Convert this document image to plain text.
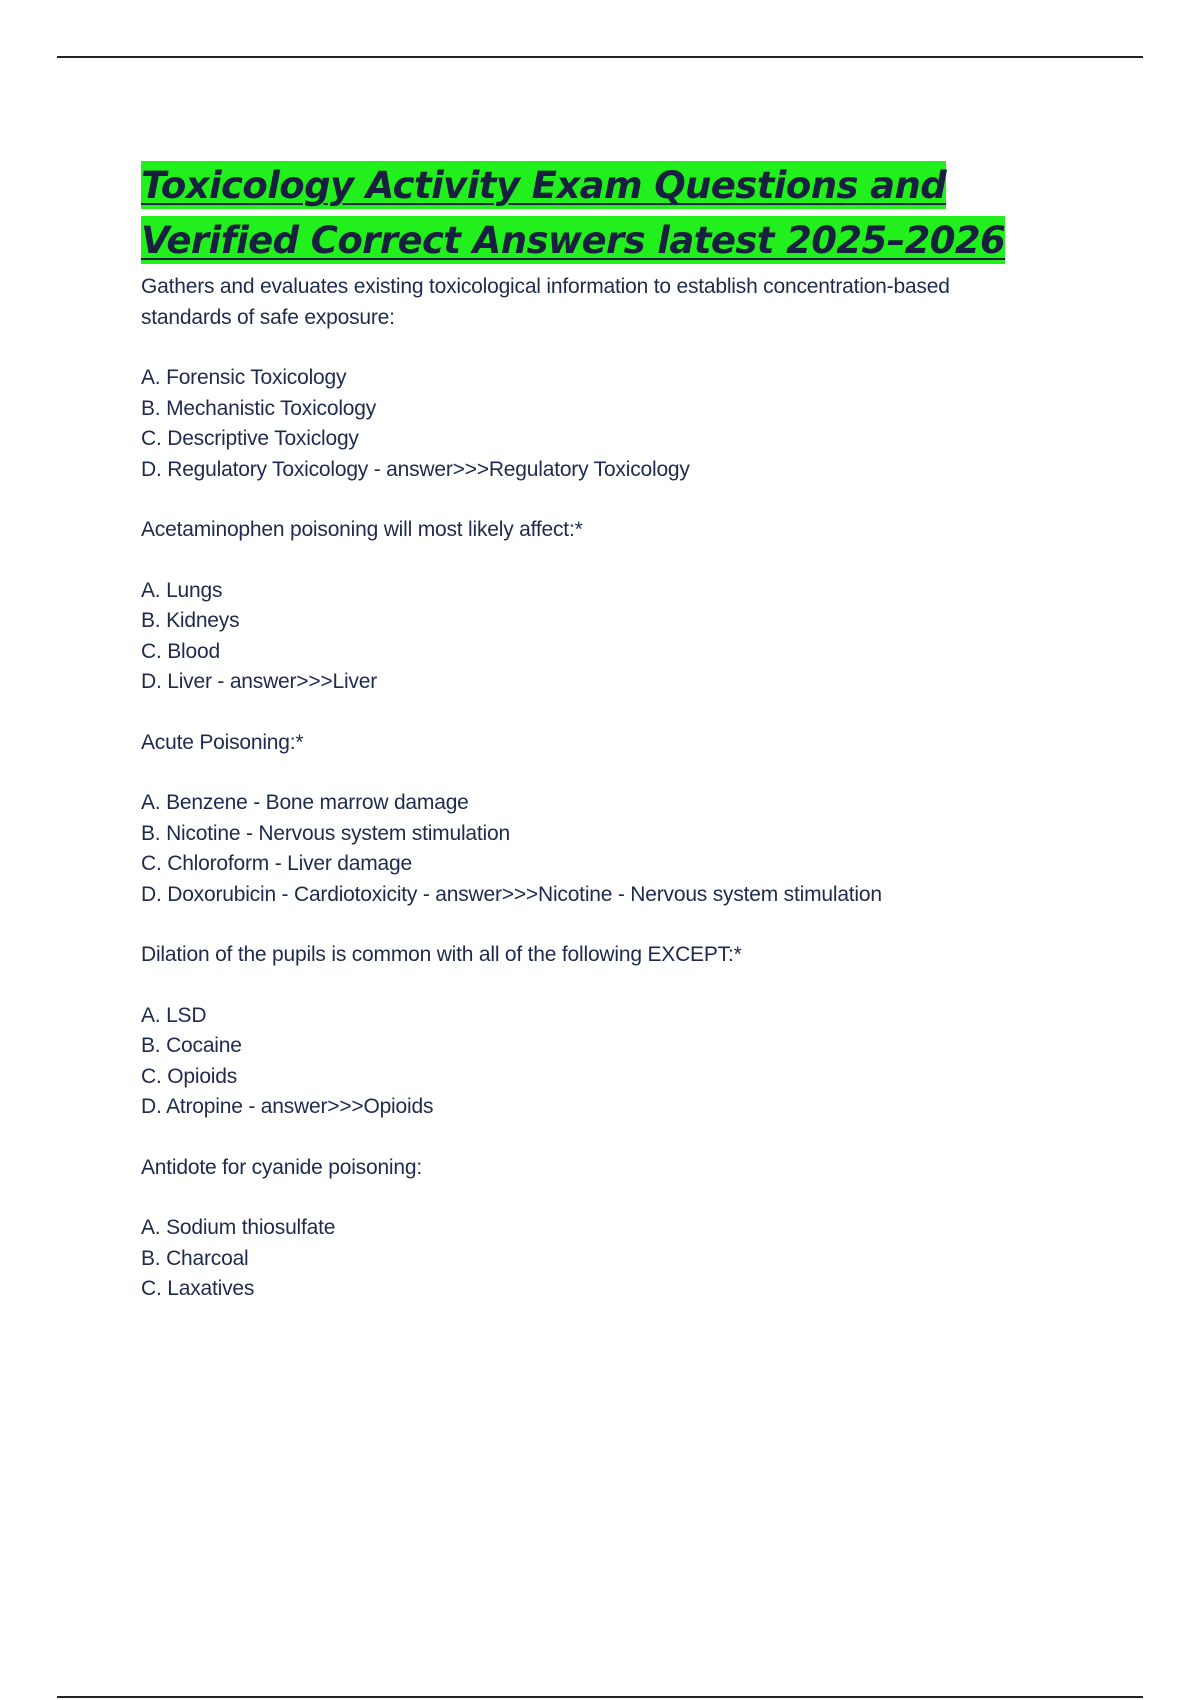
Toxicology Activity Exam Questions and Verified Correct Answers latest 2025–2026
Gathers and evaluates existing toxicological information to establish concentration-based standards of safe exposure:
A. Forensic Toxicology
B. Mechanistic Toxicology
C. Descriptive Toxiclogy
D. Regulatory Toxicology - answer>>>Regulatory Toxicology
Acetaminophen poisoning will most likely affect:*
A. Lungs
B. Kidneys
C. Blood
D. Liver - answer>>>Liver
Acute Poisoning:*
A. Benzene - Bone marrow damage
B. Nicotine - Nervous system stimulation
C. Chloroform - Liver damage
D. Doxorubicin - Cardiotoxicity - answer>>>Nicotine - Nervous system stimulation
Dilation of the pupils is common with all of the following EXCEPT:*
A. LSD
B. Cocaine
C. Opioids
D. Atropine - answer>>>Opioids
Antidote for cyanide poisoning:
A. Sodium thiosulfate
B. Charcoal
C. Laxatives
